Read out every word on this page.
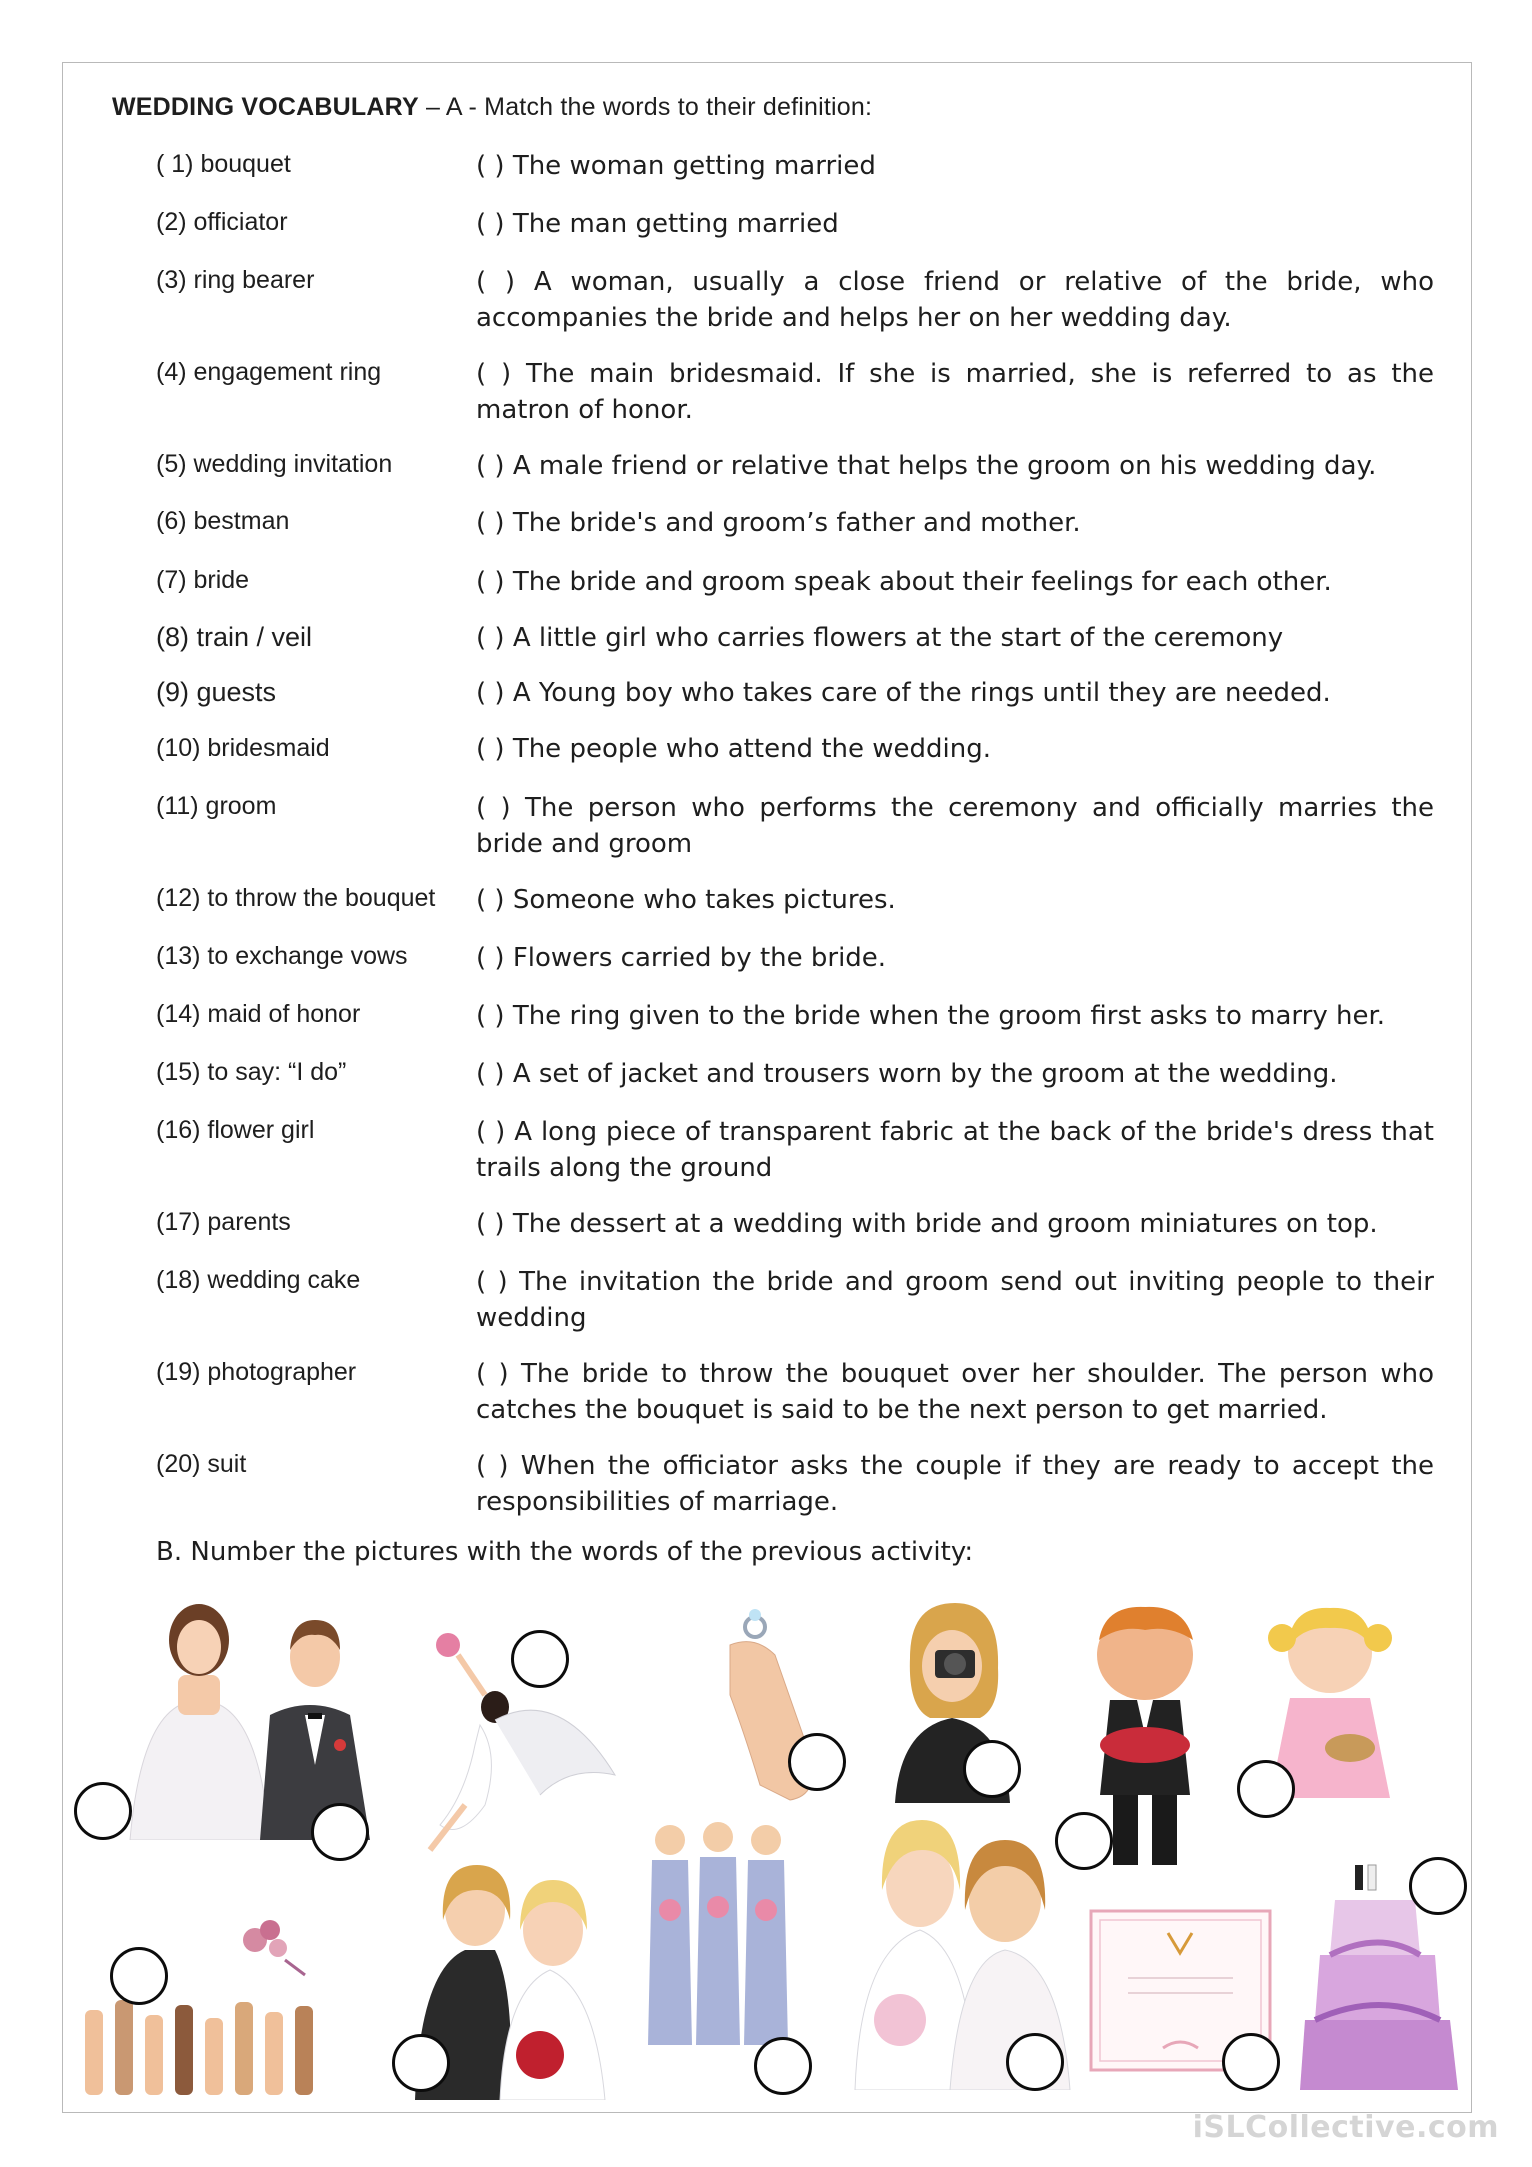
WEDDING VOCABULARY – A - Match the words to their definition:
( 1) bouquet
(2) officiator
(3) ring bearer
(4) engagement ring
(5) wedding invitation
(6) bestman
(7) bride
(8) train / veil
(9) guests
(10) bridesmaid
(11) groom
(12) to throw the bouquet
(13) to exchange vows
(14) maid of honor
(15) to say: “I do”
(16) flower girl
(17) parents
(18) wedding cake
(19) photographer
(20) suit
( ) The woman getting married
( ) The man getting married
( ) A woman, usually a close friend or relative of the bride, who accompanies the bride and helps her on her wedding day.
( ) The main bridesmaid. If she is married, she is referred to as the matron of honor.
( ) A male friend or relative that helps the groom on his wedding day.
( ) The bride's and groom’s father and mother.
( ) The bride and groom speak about their feelings for each other.
( ) A little girl who carries flowers at the start of the ceremony
( ) A Young boy who takes care of the rings until they are needed.
( ) The people who attend the wedding.
( ) The person who performs the ceremony and officially marries the bride and groom
( ) Someone who takes pictures.
( ) Flowers carried by the bride.
( ) The ring given to the bride when the groom first asks to marry her.
( ) A set of jacket and trousers worn by the groom at the wedding.
( ) A long piece of transparent fabric at the back of the bride's dress that trails along the ground
( ) The dessert at a wedding with bride and groom miniatures on top.
( ) The invitation the bride and groom send out inviting people to their wedding
( ) The bride to throw the bouquet over her shoulder. The person who catches the bouquet is said to be the next person to get married.
( ) When the officiator asks the couple if they are ready to accept the responsibilities of marriage.
B. Number the pictures with the words of the previous activity:
iSLCollective.com
